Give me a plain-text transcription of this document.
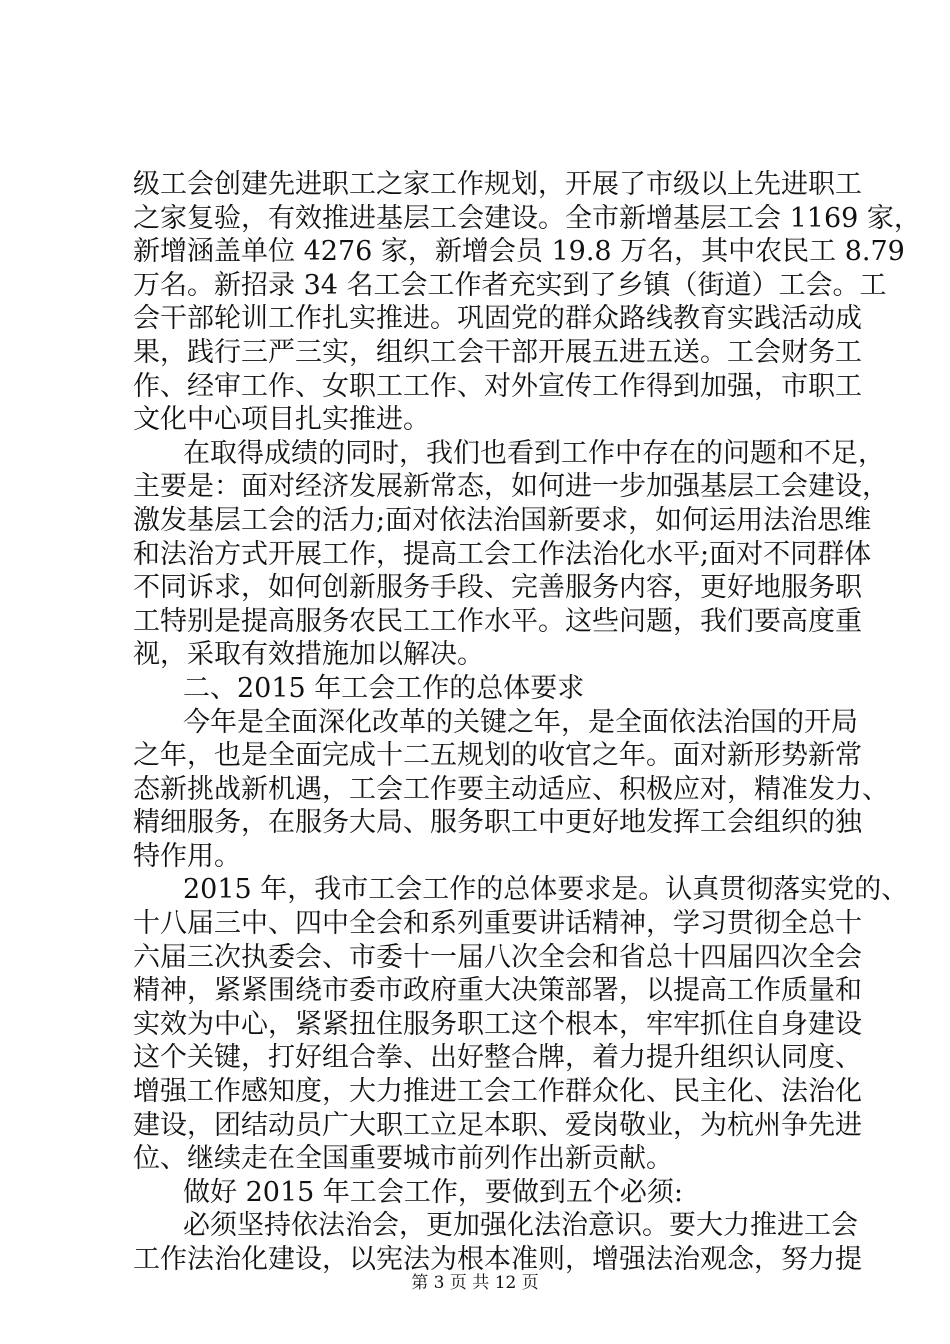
级工会创建先进职工之家工作规划，开展了市级以上先进职工
之家复验，有效推进基层工会建设。全市新增基层工会 1169 家，
新增涵盖单位 4276 家，新增会员 19.8 万名，其中农民工 8.79
万名。新招录 34 名工会工作者充实到了乡镇（街道）工会。工
会干部轮训工作扎实推进。巩固党的群众路线教育实践活动成
果，践行三严三实，组织工会干部开展五进五送。工会财务工
作、经审工作、女职工工作、对外宣传工作得到加强，市职工
文化中心项目扎实推进。
在取得成绩的同时，我们也看到工作中存在的问题和不足，
主要是：面对经济发展新常态，如何进一步加强基层工会建设，
激发基层工会的活力;面对依法治国新要求，如何运用法治思维
和法治方式开展工作，提高工会工作法治化水平;面对不同群体
不同诉求，如何创新服务手段、完善服务内容，更好地服务职
工特别是提高服务农民工工作水平。这些问题，我们要高度重
视，采取有效措施加以解决。
二、2015 年工会工作的总体要求
今年是全面深化改革的关键之年，是全面依法治国的开局
之年，也是全面完成十二五规划的收官之年。面对新形势新常
态新挑战新机遇，工会工作要主动适应、积极应对，精准发力、
精细服务，在服务大局、服务职工中更好地发挥工会组织的独
特作用。
2015 年，我市工会工作的总体要求是。认真贯彻落实党的、
十八届三中、四中全会和系列重要讲话精神，学习贯彻全总十
六届三次执委会、市委十一届八次全会和省总十四届四次全会
精神，紧紧围绕市委市政府重大决策部署，以提高工作质量和
实效为中心，紧紧扭住服务职工这个根本，牢牢抓住自身建设
这个关键，打好组合拳、出好整合牌，着力提升组织认同度、
增强工作感知度，大力推进工会工作群众化、民主化、法治化
建设，团结动员广大职工立足本职、爱岗敬业，为杭州争先进
位、继续走在全国重要城市前列作出新贡献。
做好 2015 年工会工作，要做到五个必须:
必须坚持依法治会，更加强化法治意识。要大力推进工会
工作法治化建设，以宪法为根本准则，增强法治观念，努力提
第 3 页 共 12 页
